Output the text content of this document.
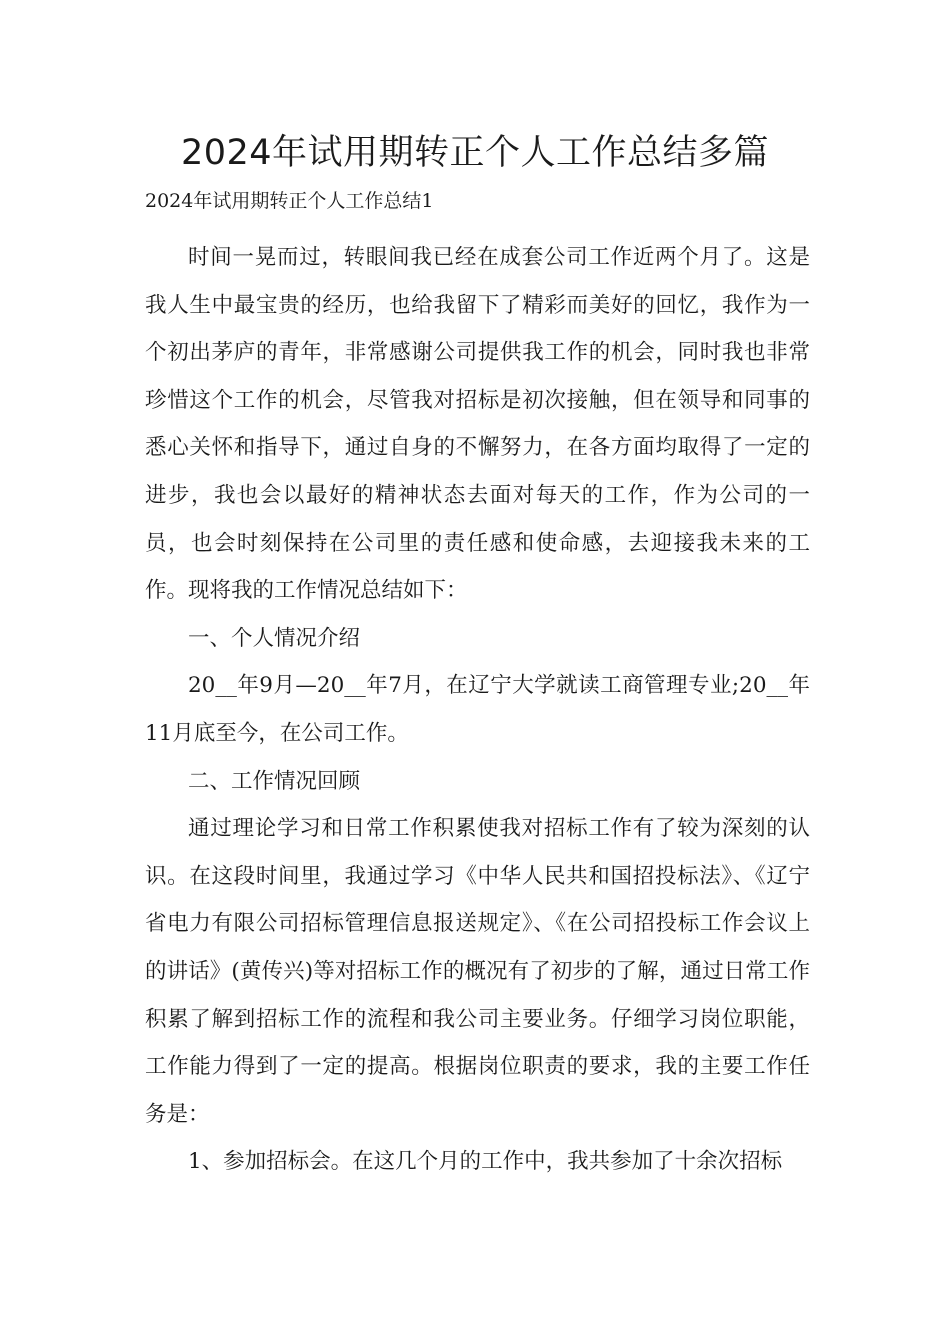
2024年试用期转正个人工作总结多篇
2024年试用期转正个人工作总结1

时间一晃而过，转眼间我已经在成套公司工作近两个月了。这是我人生中最宝贵的经历，也给我留下了精彩而美好的回忆，我作为一个初出茅庐的青年，非常感谢公司提供我工作的机会，同时我也非常珍惜这个工作的机会，尽管我对招标是初次接触，但在领导和同事的悉心关怀和指导下，通过自身的不懈努力，在各方面均取得了一定的进步，我也会以最好的精神状态去面对每天的工作，作为公司的一员，也会时刻保持在公司里的责任感和使命感，去迎接我未来的工作。现将我的工作情况总结如下：

一、个人情况介绍

20__年9月—20__年7月，在辽宁大学就读工商管理专业;20__年11月底至今，在公司工作。

二、工作情况回顾

通过理论学习和日常工作积累使我对招标工作有了较为深刻的认识。在这段时间里，我通过学习《中华人民共和国招投标法》、《辽宁省电力有限公司招标管理信息报送规定》、《在公司招投标工作会议上的讲话》(黄传兴)等对招标工作的概况有了初步的了解，通过日常工作积累了解到招标工作的流程和我公司主要业务。仔细学习岗位职能，工作能力得到了一定的提高。根据岗位职责的要求，我的主要工作任务是：

1、参加招标会。在这几个月的工作中，我共参加了十余次招标
